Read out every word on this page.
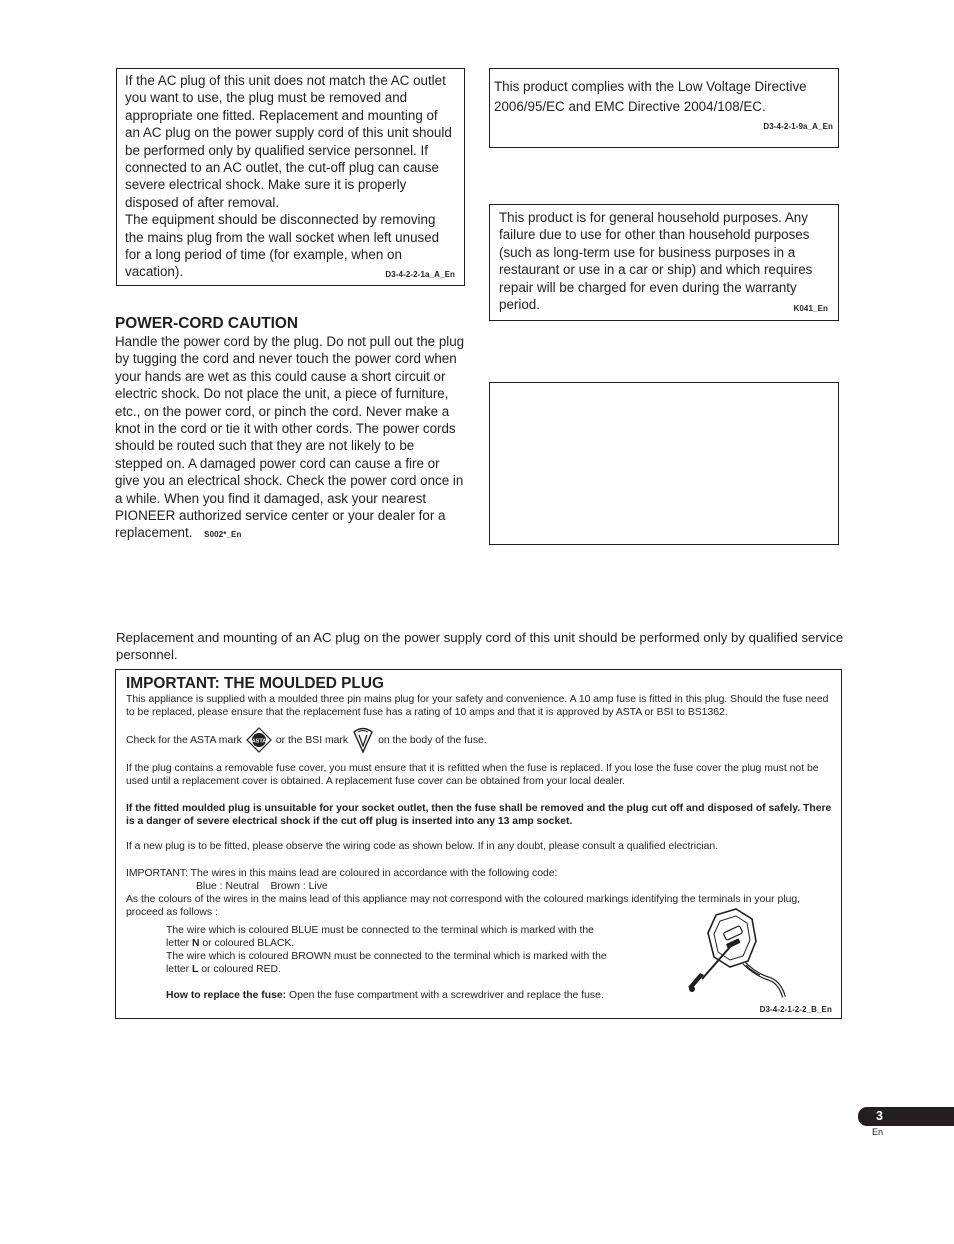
If the AC plug of this unit does not match the AC outlet you want to use, the plug must be removed and appropriate one fitted. Replacement and mounting of an AC plug on the power supply cord of this unit should be performed only by qualified service personnel. If connected to an AC outlet, the cut-off plug can cause severe electrical shock. Make sure it is properly disposed of after removal.

The equipment should be disconnected by removing the mains plug from the wall socket when left unused for a long period of time (for example, when on vacation).	D3-4-2-2-1a_A_En
POWER-CORD CAUTION

Handle the power cord by the plug. Do not pull out the plug by tugging the cord and never touch the power cord when your hands are wet as this could cause a short circuit or electric shock. Do not place the unit, a piece of furniture, etc., on the power cord, or pinch the cord. Never make a knot in the cord or tie it with other cords. The power cords should be routed such that they are not likely to be stepped on. A damaged power cord can cause a fire or give you an electrical shock. Check the power cord once in a while. When you find it damaged, ask your nearest PIONEER authorized service center or your dealer for a replacement. S002*_En

This product complies with the Low Voltage Directive 2006/95/EC and EMC Directive 2004/108/EC.

D3-4-2-1-9a_A_En

This product is for general household purposes. Any failure due to use for other than household purposes (such as long-term use for business purposes in a restaurant or use in a car or ship) and which requires repair will be charged for even during the warranty period.	K041_En

Replacement and mounting of an AC plug on the power supply cord of this unit should be performed only by qualified service personnel.

IMPORTANT: THE MOULDED PLUG

This appliance is supplied with a moulded three pin mains plug for your safety and convenience. A 10 amp fuse is fitted in this plug. Should the fuse need to be replaced, please ensure that the replacement fuse has a rating of 10 amps and that it is approved by ASTA or BSI to BS1362.

Check for the ASTA mark ASTA or the BSI mark	on the body of the fuse.

If the plug contains a removable fuse cover, you must ensure that it is refitted when the fuse is replaced. If you lose the fuse cover the plug must not be used until a replacement cover is obtained. A replacement fuse cover can be obtained from your local dealer.

If the fitted moulded plug is unsuitable for your socket outlet, then the fuse shall be removed and the plug cut off and disposed of safely. There is a danger of severe electrical shock if the cut off plug is inserted into any 13 amp socket.

If a new plug is to be fitted, please observe the wiring code as shown below. If in any doubt, please consult a qualified electrician.

IMPORTANT: The wires in this mains lead are coloured in accordance with the following code:

Blue : Neutral    Brown : Live

As the colours of the wires in the mains lead of this appliance may not correspond with the coloured markings identifying the terminals in your plug, proceed as follows :

The wire which is coloured BLUE must be connected to the terminal which is marked with the letter N or coloured BLACK.

The wire which is coloured BROWN must be connected to the terminal which is marked with the letter L or coloured RED.

How to replace the fuse: Open the fuse compartment with a screwdriver and replace the fuse.

D3-4-2-1-2-2_B_En
3
En
